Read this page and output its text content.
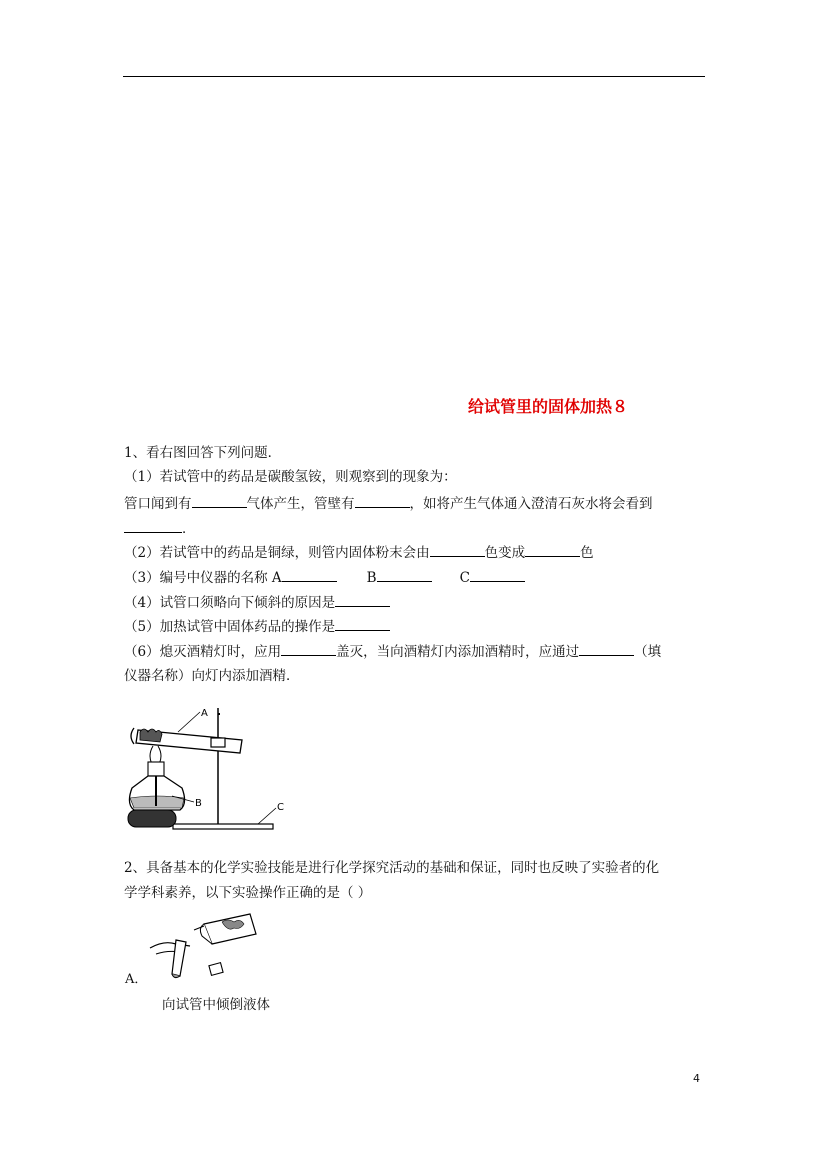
给试管里的固体加热８
1、看右图回答下列问题．
（1）若试管中的药品是碳酸氢铵，则观察到的现象为：
管口闻到有	气体产生，管壁有	，如将产生气体通入澄清石灰水将会看到
．
（2）若试管中的药品是铜绿，则管内固体粉末会由	色变成	色
（3）编号中仪器的名称 A	B	C
（4）试管口须略向下倾斜的原因是
（5）加热试管中固体药品的操作是
（6）熄灭酒精灯时，应用	盖灭，当向酒精灯内添加酒精时，应通过	（填
仪器名称）向灯内添加酒精．
A
B	C
2、具备基本的化学实验技能是进行化学探究活动的基础和保证，同时也反映了实验者的化
学学科素养，以下实验操作正确的是（ ）
A．
向试管中倾倒液体
4
